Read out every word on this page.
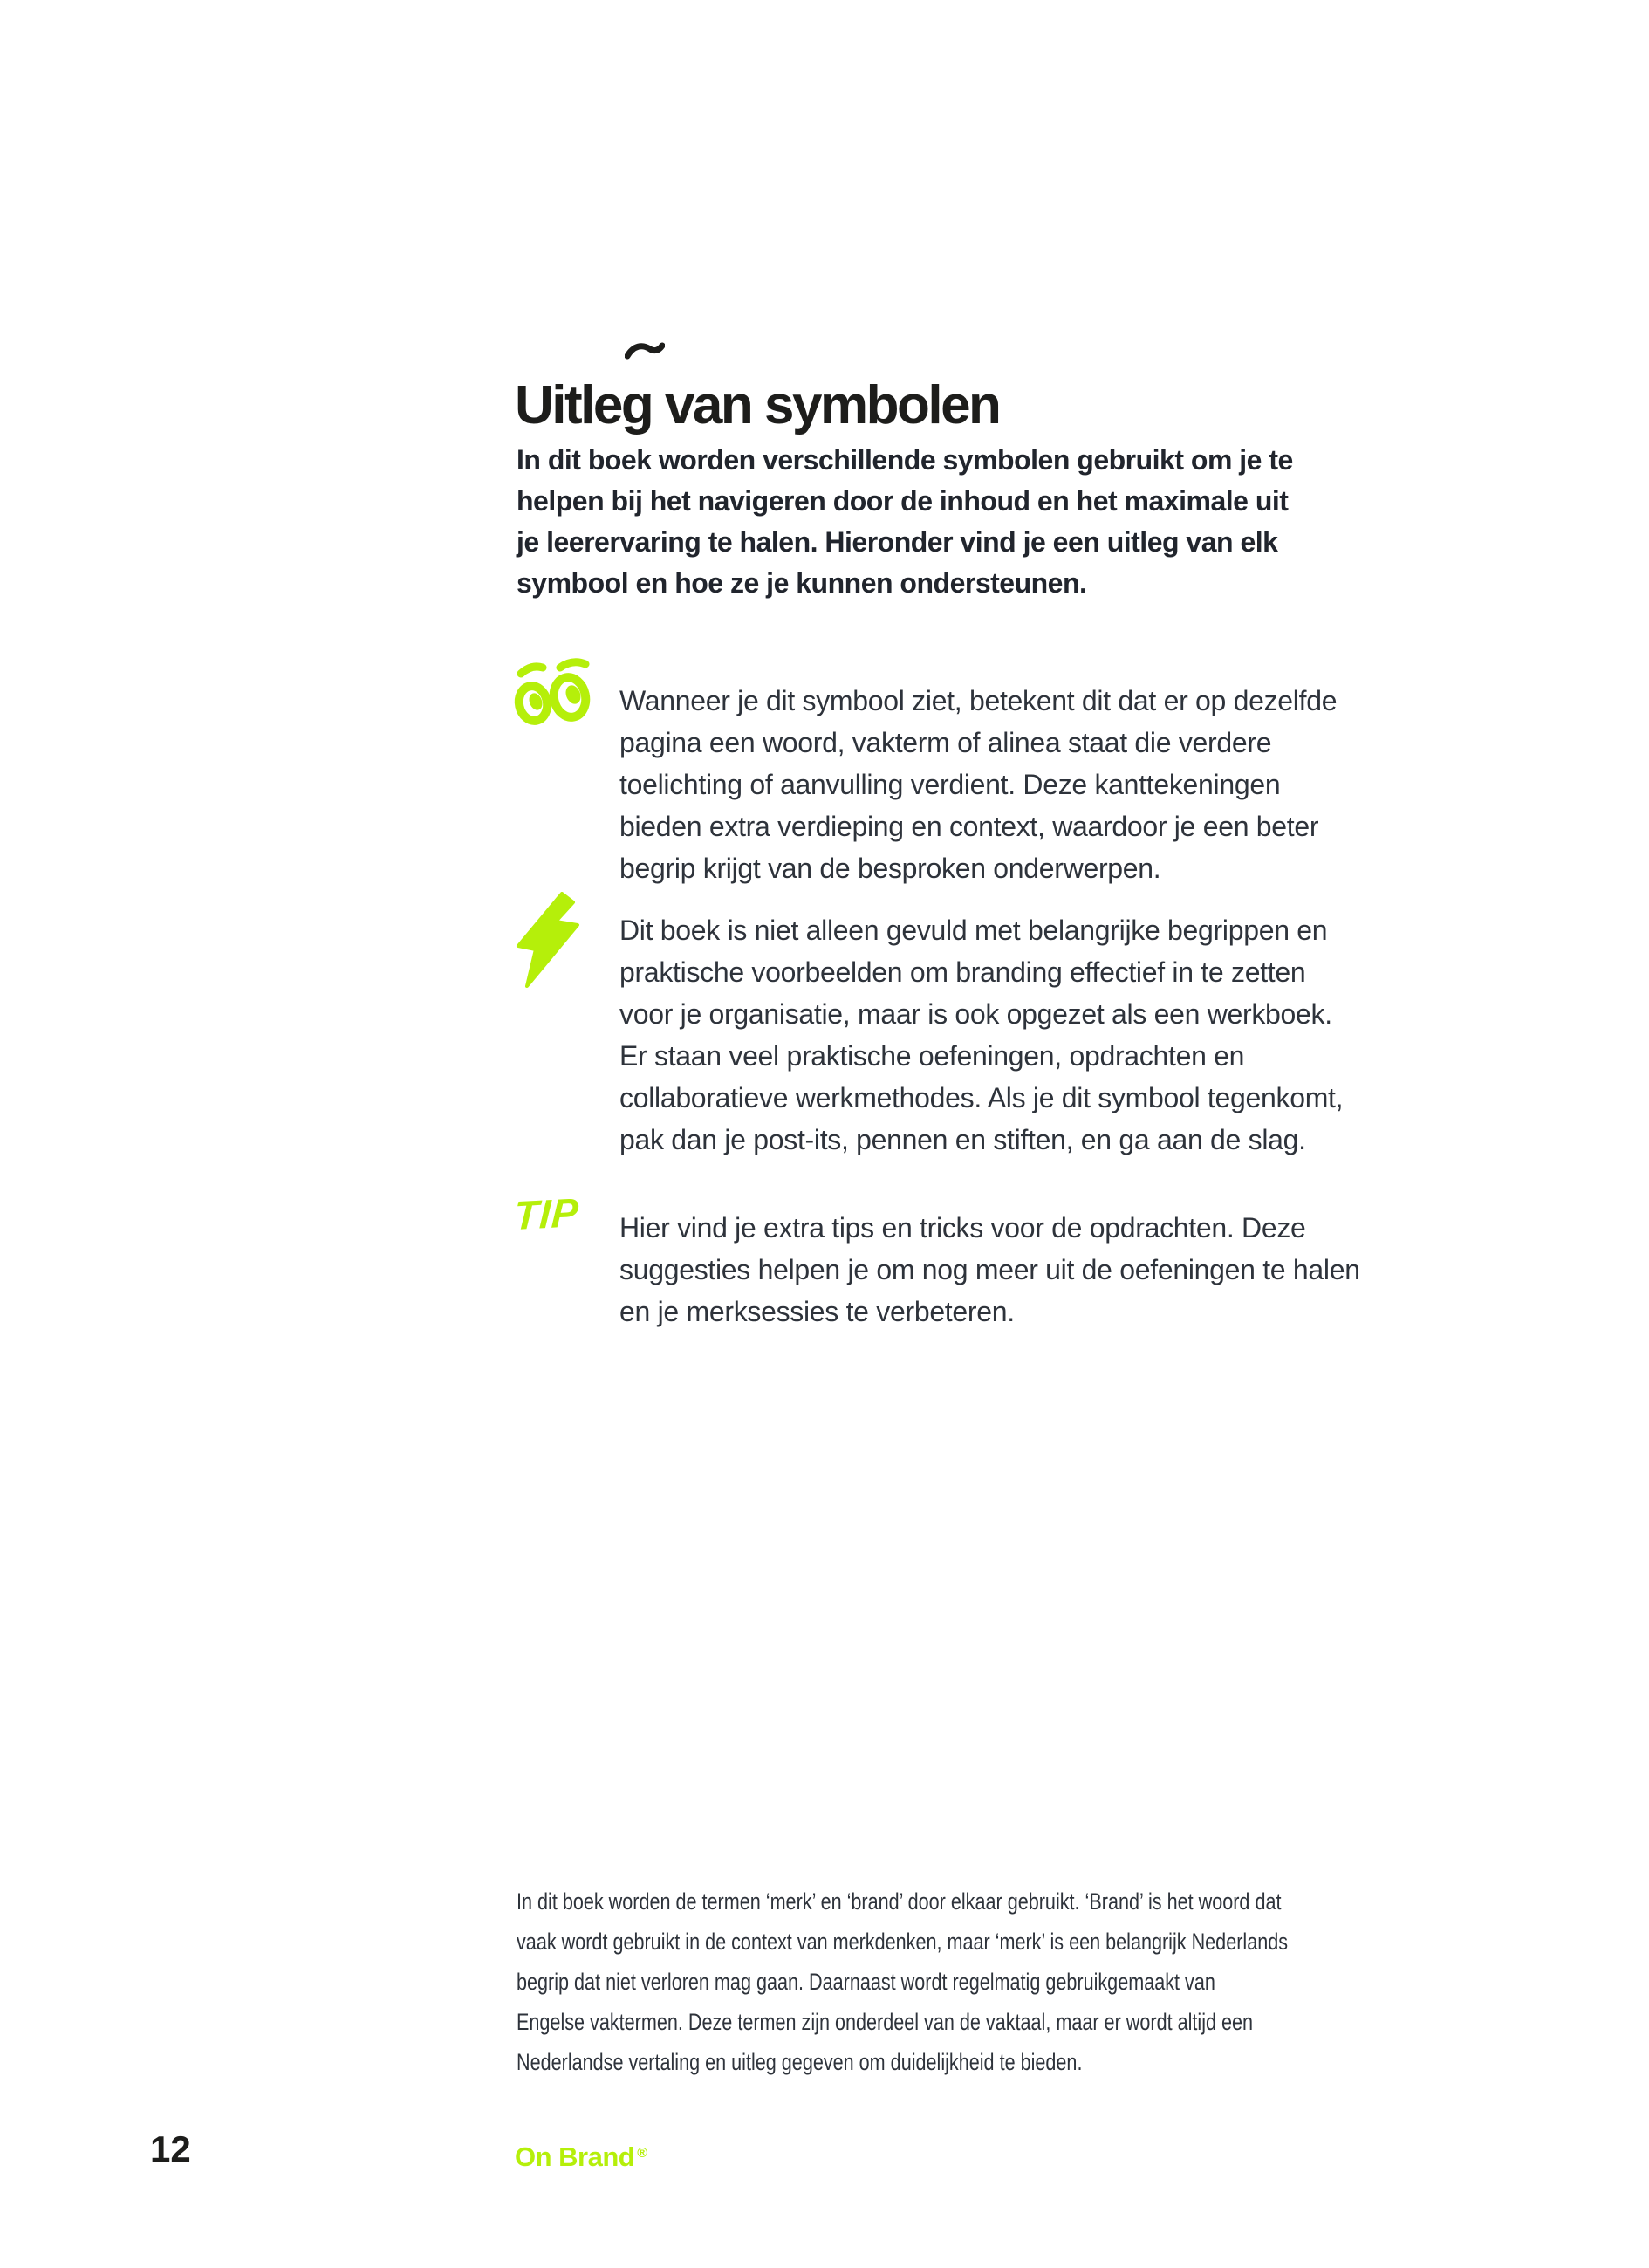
Uitleg van symbolen
In dit boek worden verschillende symbolen gebruikt om je te
helpen bij het navigeren door de inhoud en het maximale uit
je leerervaring te halen. Hieronder vind je een uitleg van elk
symbool en hoe ze je kunnen ondersteunen.
Wanneer je dit symbool ziet, betekent dit dat er op dezelfde
pagina een woord, vakterm of alinea staat die verdere
toelichting of aanvulling verdient. Deze kanttekeningen
bieden extra verdieping en context, waardoor je een beter
begrip krijgt van de besproken onderwerpen.
Dit boek is niet alleen gevuld met belangrijke begrippen en
praktische voorbeelden om branding effectief in te zetten
voor je organisatie, maar is ook opgezet als een werkboek.
Er staan veel praktische oefeningen, opdrachten en
collaboratieve werkmethodes. Als je dit symbool tegenkomt,
pak dan je post-its, pennen en stiften, en ga aan de slag.
TIP Hier vind je extra tips en tricks voor de opdrachten. Deze
suggesties helpen je om nog meer uit de oefeningen te halen
en je merksessies te verbeteren.
In dit boek worden de termen ‘merk’ en ‘brand’ door elkaar gebruikt. ‘Brand’ is het woord dat
vaak wordt gebruikt in de context van merkdenken, maar ‘merk’ is een belangrijk Nederlands
begrip dat niet verloren mag gaan. Daarnaast wordt regelmatig gebruikgemaakt van
Engelse vaktermen. Deze termen zijn onderdeel van de vaktaal, maar er wordt altijd een
Nederlandse vertaling en uitleg gegeven om duidelijkheid te bieden.
12	On Brand ®
